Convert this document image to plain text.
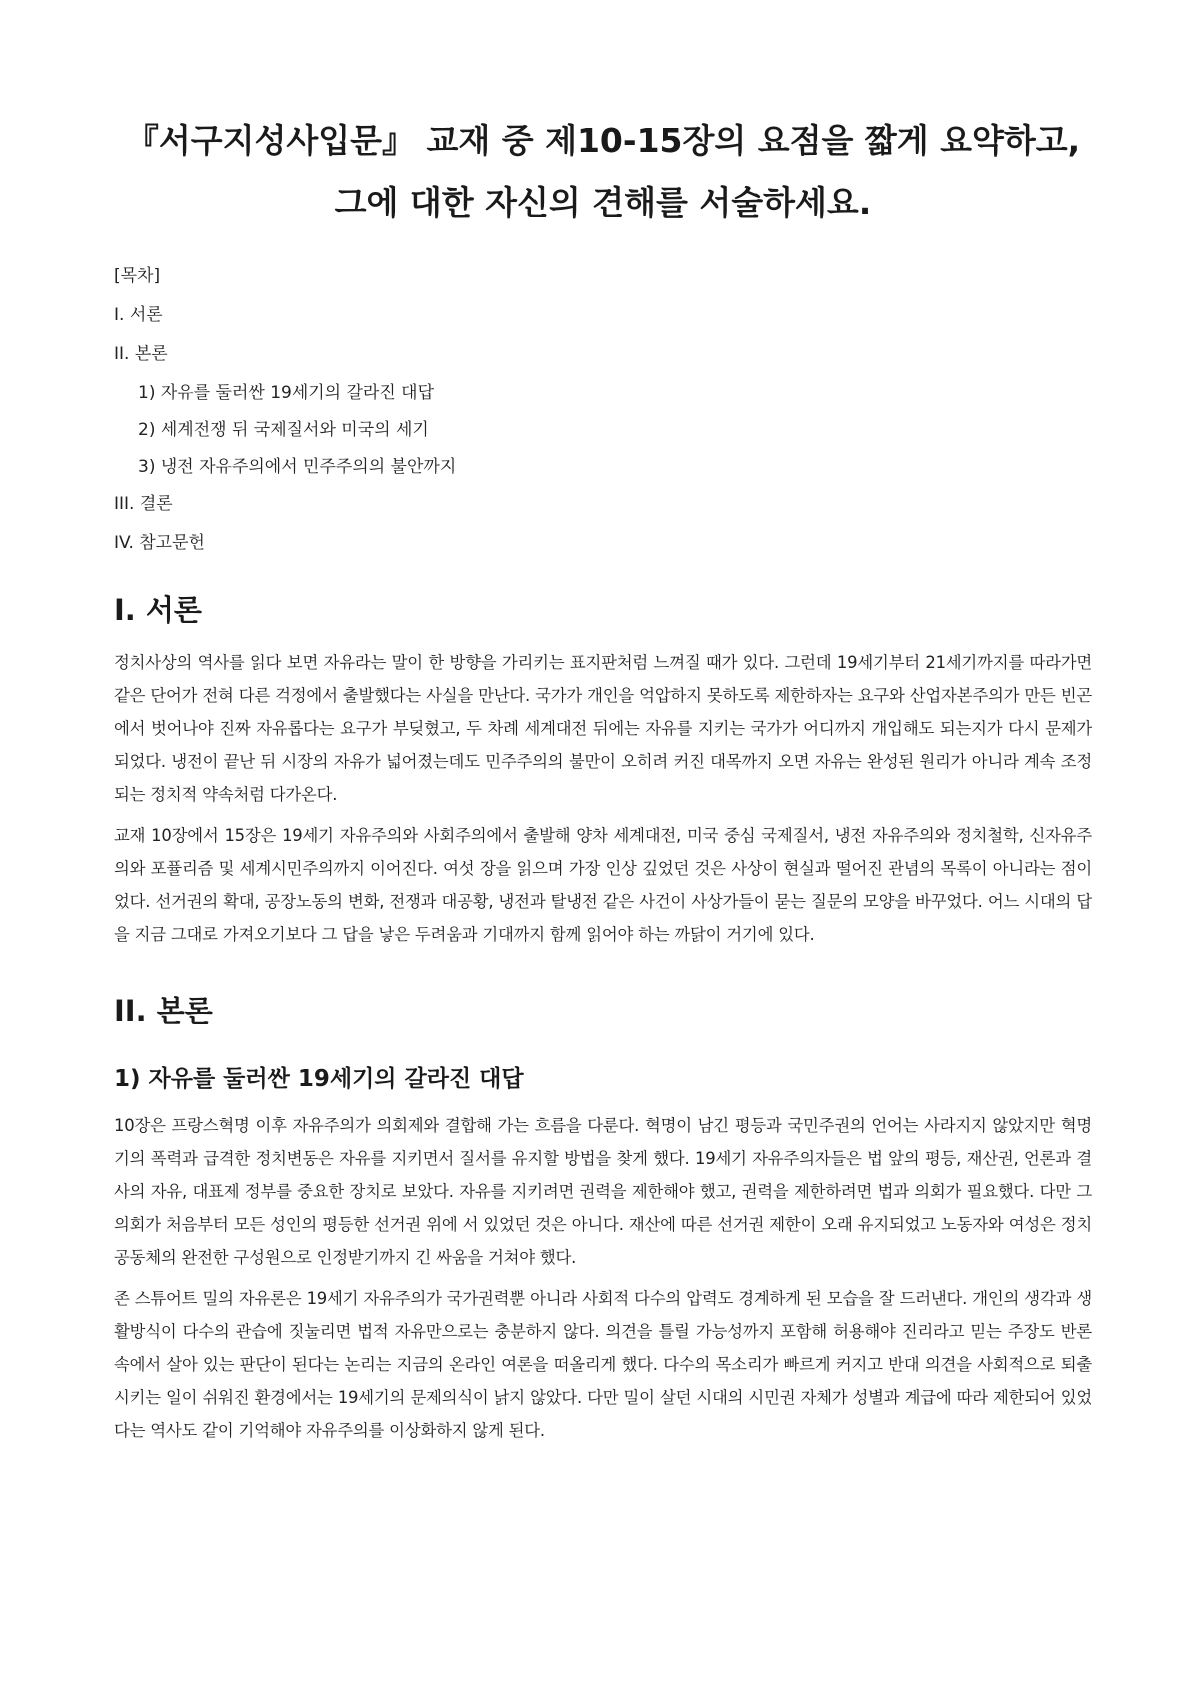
『서구지성사입문』 교재 중 제10-15장의 요점을 짧게 요약하고, 그에 대한 자신의 견해를 서술하세요.
[목차]
I. 서론
II. 본론
1) 자유를 둘러싼 19세기의 갈라진 대답
2) 세계전쟁 뒤 국제질서와 미국의 세기
3) 냉전 자유주의에서 민주주의의 불안까지
III. 결론
IV. 참고문헌
I. 서론

정치사상의 역사를 읽다 보면 자유라는 말이 한 방향을 가리키는 표지판처럼 느껴질 때가 있다. 그런데 19세기부터 21세기까지를 따라가면 같은 단어가 전혀 다른 걱정에서 출발했다는 사실을 만난다. 국가가 개인을 억압하지 못하도록 제한하자는 요구와 산업자본주의가 만든 빈곤에서 벗어나야 진짜 자유롭다는 요구가 부딪혔고, 두 차례 세계대전 뒤에는 자유를 지키는 국가가 어디까지 개입해도 되는지가 다시 문제가 되었다. 냉전이 끝난 뒤 시장의 자유가 넓어졌는데도 민주주의의 불만이 오히려 커진 대목까지 오면 자유는 완성된 원리가 아니라 계속 조정되는 정치적 약속처럼 다가온다.

교재 10장에서 15장은 19세기 자유주의와 사회주의에서 출발해 양차 세계대전, 미국 중심 국제질서, 냉전 자유주의와 정치철학, 신자유주의와 포퓰리즘 및 세계시민주의까지 이어진다. 여섯 장을 읽으며 가장 인상 깊었던 것은 사상이 현실과 떨어진 관념의 목록이 아니라는 점이었다. 선거권의 확대, 공장노동의 변화, 전쟁과 대공황, 냉전과 탈냉전 같은 사건이 사상가들이 묻는 질문의 모양을 바꾸었다. 어느 시대의 답을 지금 그대로 가져오기보다 그 답을 낳은 두려움과 기대까지 함께 읽어야 하는 까닭이 거기에 있다.

II. 본론
1) 자유를 둘러싼 19세기의 갈라진 대답

10장은 프랑스혁명 이후 자유주의가 의회제와 결합해 가는 흐름을 다룬다. 혁명이 남긴 평등과 국민주권의 언어는 사라지지 않았지만 혁명기의 폭력과 급격한 정치변동은 자유를 지키면서 질서를 유지할 방법을 찾게 했다. 19세기 자유주의자들은 법 앞의 평등, 재산권, 언론과 결사의 자유, 대표제 정부를 중요한 장치로 보았다. 자유를 지키려면 권력을 제한해야 했고, 권력을 제한하려면 법과 의회가 필요했다. 다만 그 의회가 처음부터 모든 성인의 평등한 선거권 위에 서 있었던 것은 아니다. 재산에 따른 선거권 제한이 오래 유지되었고 노동자와 여성은 정치공동체의 완전한 구성원으로 인정받기까지 긴 싸움을 거쳐야 했다.

존 스튜어트 밀의 자유론은 19세기 자유주의가 국가권력뿐 아니라 사회적 다수의 압력도 경계하게 된 모습을 잘 드러낸다. 개인의 생각과 생활방식이 다수의 관습에 짓눌리면 법적 자유만으로는 충분하지 않다. 의견을 틀릴 가능성까지 포함해 허용해야 진리라고 믿는 주장도 반론 속에서 살아 있는 판단이 된다는 논리는 지금의 온라인 여론을 떠올리게 했다. 다수의 목소리가 빠르게 커지고 반대 의견을 사회적으로 퇴출시키는 일이 쉬워진 환경에서는 19세기의 문제의식이 낡지 않았다. 다만 밀이 살던 시대의 시민권 자체가 성별과 계급에 따라 제한되어 있었다는 역사도 같이 기억해야 자유주의를 이상화하지 않게 된다.
